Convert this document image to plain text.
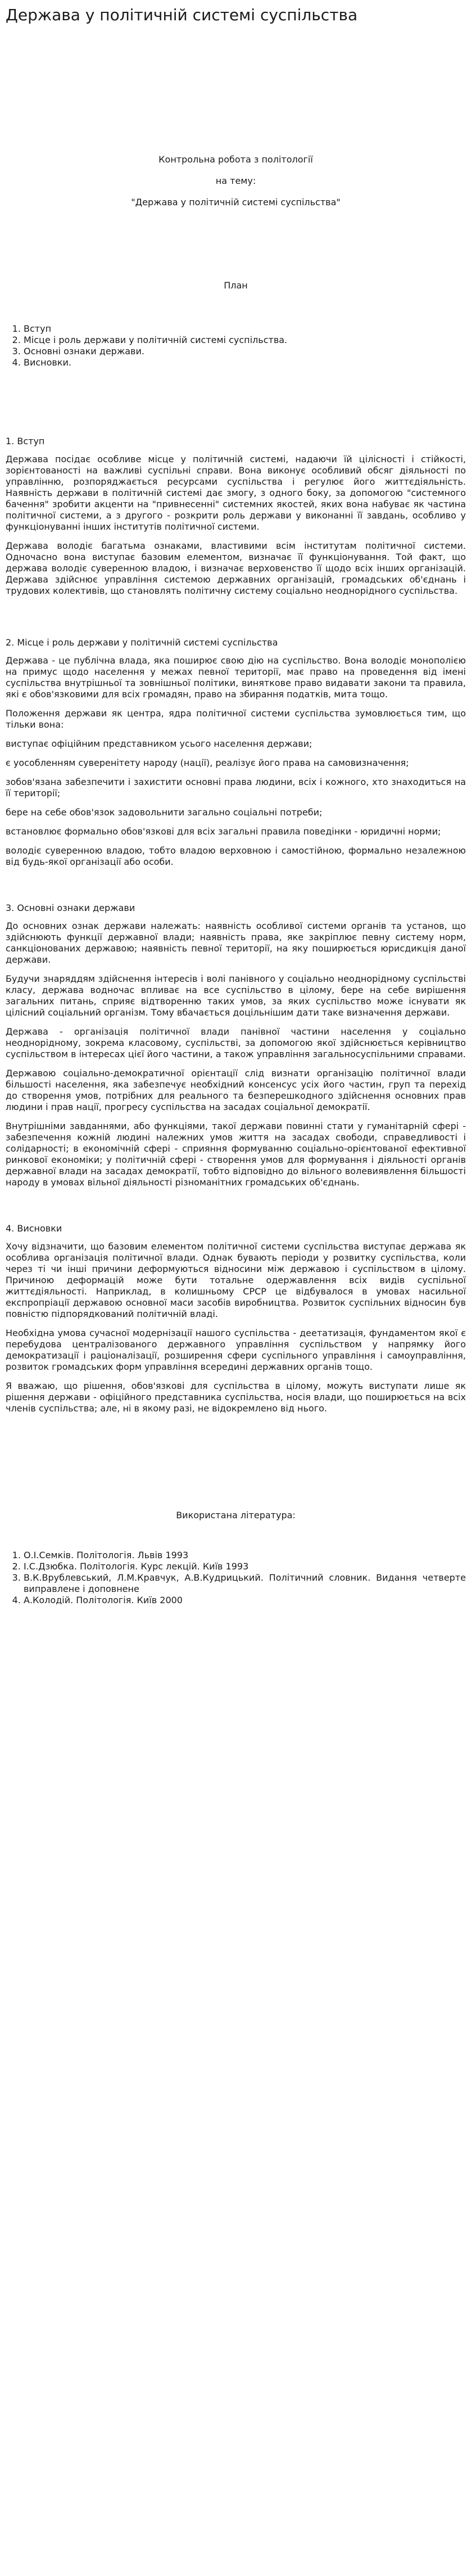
Держава у політичній системі суспільства
Контрольна робота з політології
на тему:
"Держава у політичній системі суспільства"
План
1. Вступ
2. Місце і роль держави у політичній системі суспільства.
3. Основні ознаки держави.
4. Висновки.
1. Вступ

Держава посідає особливе місце у політичній системі, надаючи їй цілісності і стійкості, зорієнтованості на важливі суспільні справи. Вона виконує особливий обсяг діяльності по управлінню, розпоряджається ресурсами суспільства і регулює його життєдіяльність. Наявність держави в політичній системі дає змогу, з одного боку, за допомогою "системного бачення" зробити акценти на "привнесенні" системних якостей, яких вона набуває як частина політичної системи, а з другого - розкрити роль держави у виконанні її завдань, особливо у функціонуванні інших інститутів політичної системи.

Держава володіє багатьма ознаками, властивими всім інститутам політичної системи. Одночасно вона виступає базовим елементом, визначає її функціонування. Той факт, що держава володіє суверенною владою, і визначає верховенство її щодо всіх інших організацій. Держава здійснює управління системою державних організацій, громадських об'єднань і трудових колективів, що становлять політичну систему соціально неоднорідного суспільства.

2. Місце і роль держави у політичній системі суспільства

Держава - це публічна влада, яка поширює свою дію на суспільство. Вона володіє монополією на примус щодо населення у межах певної території, має право на проведення від імені суспільства внутрішньої та зовнішньої політики, виняткове право видавати закони та правила, які є обов'язковими для всіх громадян, право на збирання податків, мита тощо.

Положення держави як центра, ядра політичної системи суспільства зумовлюється тим, що тільки вона:

виступає офіційним представником усього населення держави;

є уособленням суверенітету народу (нації), реалізує його права на самовизначення;

зобов'язана забезпечити і захистити основні права людини, всіх і кожного, хто знаходиться на її території;

бере на себе обов'язок задовольнити загально соціальні потреби;

встановлює формально обов'язкові для всіх загальні правила поведінки - юридичні норми;

володіє суверенною владою, тобто владою верховною і самостійною, формально незалежною від будь-якої організації або особи.

3. Основні ознаки держави

До основних ознак держави належать: наявність особливої системи органів та установ, що здійснюють функції державної влади; наявність права, яке закріплює певну систему норм, санкціонованих державою; наявність певної території, на яку поширюється юрисдикція даної держави.

Будучи знаряддям здійснення інтересів і волі панівного у соціально неоднорідному суспільстві класу, держава водночас впливає на все суспільство в цілому, бере на себе вирішення загальних питань, сприяє відтворенню таких умов, за яких суспільство може існувати як цілісний соціальний організм. Тому вбачається доцільнішим дати таке визначення держави.

Держава - організація політичної влади панівної частини населення у соціально неоднорідному, зокрема класовому, суспільстві, за допомогою якої здійснюється керівництво суспільством в інтересах цієї його частини, а також управління загальносуспільними справами.

Державою соціально-демократичної орієнтації слід визнати організацію політичної влади більшості населення, яка забезпечує необхідний консенсус усіх його частин, груп та перехід до створення умов, потрібних для реального та безперешкодного здійснення основних прав людини і прав нації, прогресу суспільства на засадах соціальної демократії.

Внутрішніми завданнями, або функціями, такої держави повинні стати у гуманітарній сфері - забезпечення кожній людині належних умов життя на засадах свободи, справедливості і солідарності; в економічній сфері - сприяння формуванню соціально-орієнтованої ефективної ринкової економіки; у політичній сфері - створення умов для формування і діяльності органів державної влади на засадах демократії, тобто відповідно до вільного волевиявлення більшості народу в умовах вільної діяльності різноманітних громадських об'єднань.

4. Висновки

Хочу відзначити, що базовим елементом політичної системи суспільства виступає держава як особлива організація політичної влади. Однак бувають періоди у розвитку суспільства, коли через ті чи інші причини деформуються відносини між державою і суспільством в цілому. Причиною деформацій може бути тотальне одержавлення всіх видів суспільної життєдіяльності. Наприклад, в колишньому СРСР це відбувалося в умовах насильної експропріації державою основної маси засобів виробництва. Розвиток суспільних відносин був повністю підпорядкований політичній владі.

Необхідна умова сучасної модернізації нашого суспільства - деетатизація, фундаментом якої є перебудова централізованого державного управління суспільством у напрямку його демократизації і раціоналізації, розширення сфери суспільного управління і самоуправління, розвиток громадських форм управління всередині державних органів тощо.

Я вважаю, що рішення, обов'язкові для суспільства в цілому, можуть виступати лише як рішення держави - офіційного представника суспільства, носія влади, що поширюється на всіх членів суспільства; але, ні в якому разі, не відокремлено від нього.

Використана література:
1. О.І.Семків. Політологія. Львів 1993
2. І.С.Дзюбка. Політологія. Курс лекцій. Київ 1993
3. В.К.Врублевський, Л.М.Кравчук, А.В.Кудрицький. Політичний словник. Видання четверте виправлене і доповнене
4. А.Колодій. Політологія. Київ 2000
